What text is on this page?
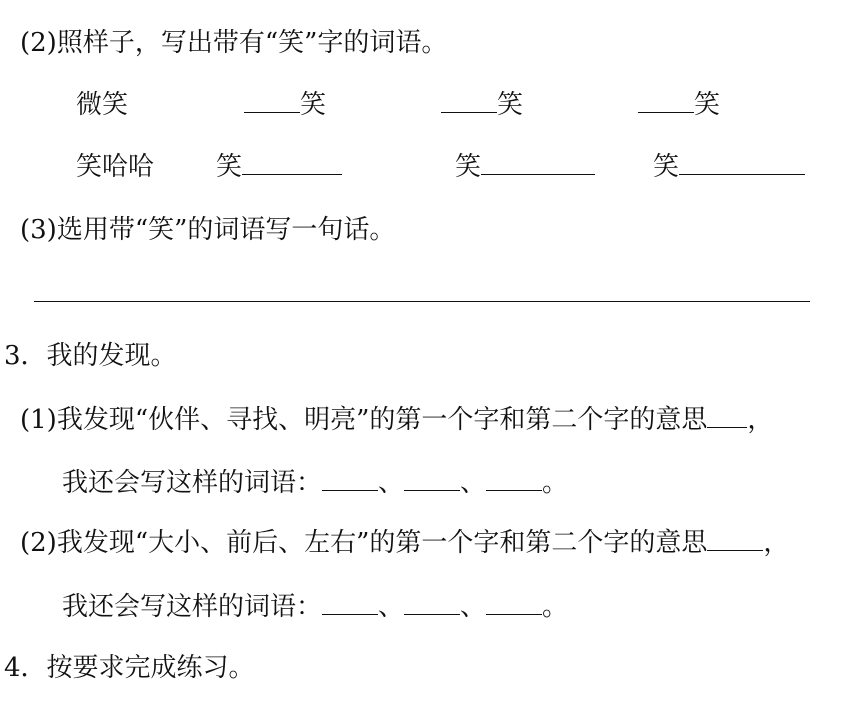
(2)照样子，写出带有“笑”字的词语。
微笑	笑	笑	笑
笑哈哈 笑	笑	笑
(3)选用带“笑”的词语写一句话。
3．我的发现。
(1)我发现“伙伴、寻找、明亮”的第一个字和第二个字的意思 ，
我还会写这样的词语： 、 、 。
(2)我发现“大小、前后、左右”的第一个字和第二个字的意思 ，
我还会写这样的词语： 、 、 。
4．按要求完成练习。
